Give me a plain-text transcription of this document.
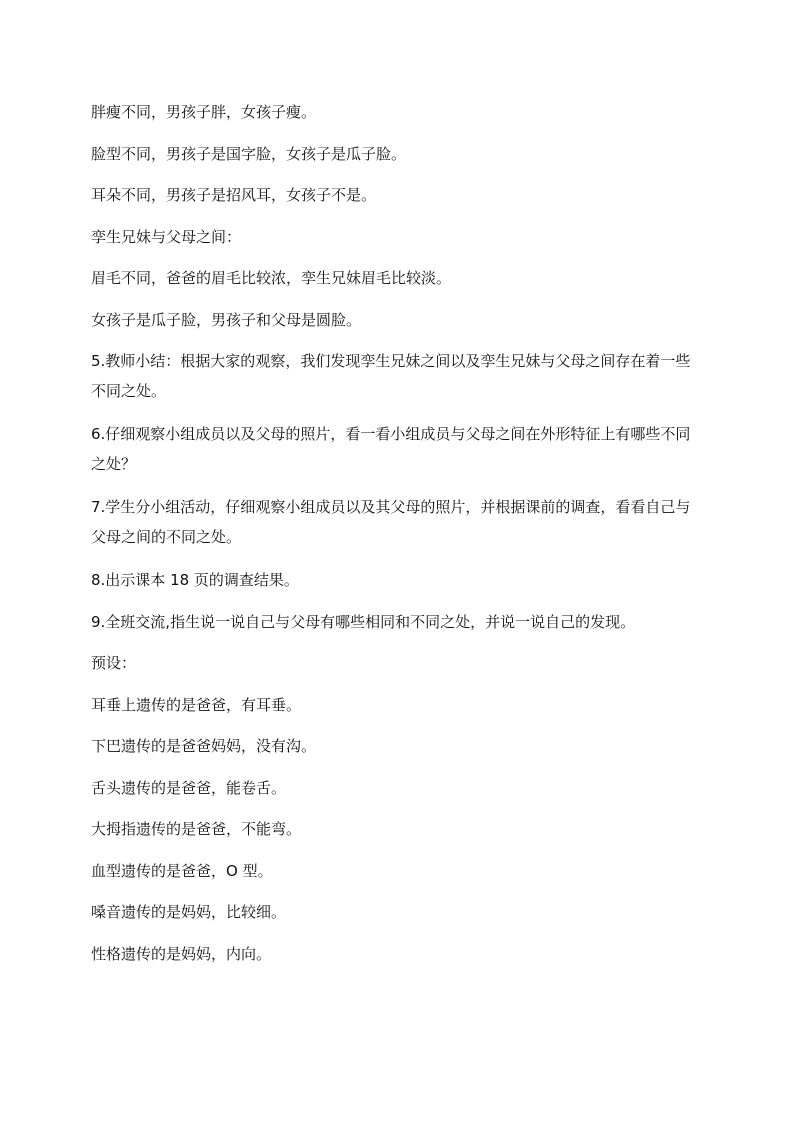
胖瘦不同，男孩子胖，女孩子瘦。

脸型不同，男孩子是国字脸，女孩子是瓜子脸。

耳朵不同，男孩子是招风耳，女孩子不是。

孪生兄妹与父母之间：

眉毛不同，爸爸的眉毛比较浓，孪生兄妹眉毛比较淡。

女孩子是瓜子脸，男孩子和父母是圆脸。

5.教师小结：根据大家的观察，我们发现孪生兄妹之间以及孪生兄妹与父母之间存在着一些不同之处。

6.仔细观察小组成员以及父母的照片，看一看小组成员与父母之间在外形特征上有哪些不同之处？

7.学生分小组活动，仔细观察小组成员以及其父母的照片，并根据课前的调查，看看自己与父母之间的不同之处。

8.出示课本 18 页的调查结果。

9.全班交流,指生说一说自己与父母有哪些相同和不同之处，并说一说自己的发现。

预设：

耳垂上遗传的是爸爸，有耳垂。

下巴遗传的是爸爸妈妈，没有沟。

舌头遗传的是爸爸，能卷舌。

大拇指遗传的是爸爸，不能弯。

血型遗传的是爸爸，O 型。

嗓音遗传的是妈妈，比较细。

性格遗传的是妈妈，内向。
